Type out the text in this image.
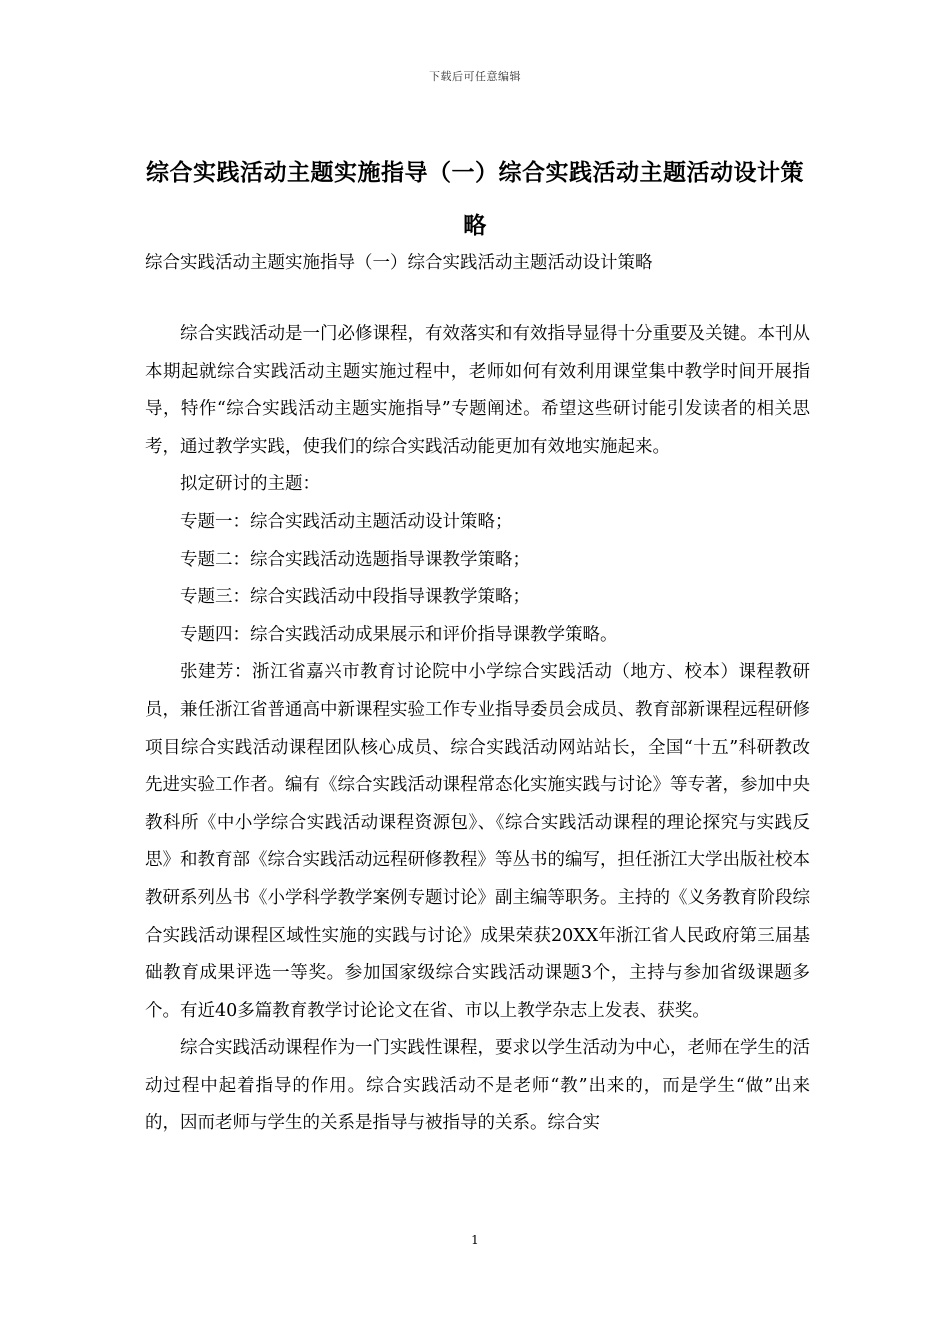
下载后可任意编辑
综合实践活动主题实施指导（一）综合实践活动主题活动设计策略
综合实践活动主题实施指导（一）综合实践活动主题活动设计策略

综合实践活动是一门必修课程，有效落实和有效指导显得十分重要及关键。本刊从本期起就综合实践活动主题实施过程中，老师如何有效利用课堂集中教学时间开展指导，特作“综合实践活动主题实施指导”专题阐述。希望这些研讨能引发读者的相关思考，通过教学实践，使我们的综合实践活动能更加有效地实施起来。

拟定研讨的主题：

专题一：综合实践活动主题活动设计策略；

专题二：综合实践活动选题指导课教学策略；

专题三：综合实践活动中段指导课教学策略；

专题四：综合实践活动成果展示和评价指导课教学策略。

张建芳：浙江省嘉兴市教育讨论院中小学综合实践活动（地方、校本）课程教研员，兼任浙江省普通高中新课程实验工作专业指导委员会成员、教育部新课程远程研修项目综合实践活动课程团队核心成员、综合实践活动网站站长，全国“十五”科研教改先进实验工作者。编有《综合实践活动课程常态化实施实践与讨论》等专著，参加中央教科所《中小学综合实践活动课程资源包》、《综合实践活动课程的理论探究与实践反思》和教育部《综合实践活动远程研修教程》等丛书的编写，担任浙江大学出版社校本教研系列丛书《小学科学教学案例专题讨论》副主编等职务。主持的《义务教育阶段综合实践活动课程区域性实施的实践与讨论》成果荣获20XX年浙江省人民政府第三届基础教育成果评选一等奖。参加国家级综合实践活动课题3个，主持与参加省级课题多个。有近40多篇教育教学讨论论文在省、市以上教学杂志上发表、获奖。

综合实践活动课程作为一门实践性课程，要求以学生活动为中心，老师在学生的活动过程中起着指导的作用。综合实践活动不是老师“教”出来的，而是学生“做”出来的，因而老师与学生的关系是指导与被指导的关系。综合实

1
